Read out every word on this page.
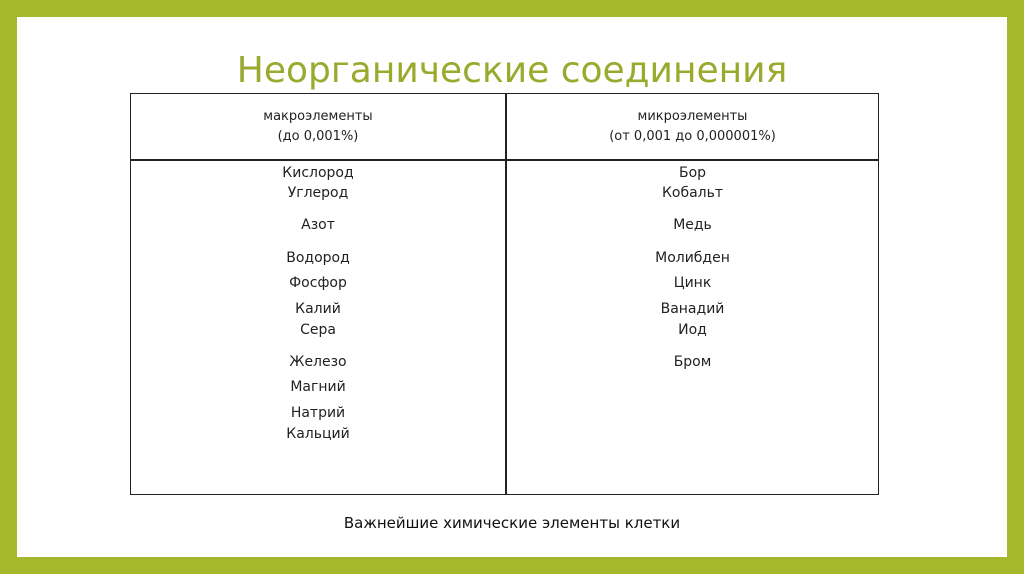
Неорганические соединения
макроэлементы
(до 0,001%)
микроэлементы
(от 0,001 до 0,000001%)
Кислород
Углерод
Азот
Водород
Фосфор
Калий
Сера
Железо
Магний
Натрий
Кальций
Бор
Кобальт
Медь
Молибден
Цинк
Ванадий
Иод
Бром
Важнейшие химические элементы клетки
